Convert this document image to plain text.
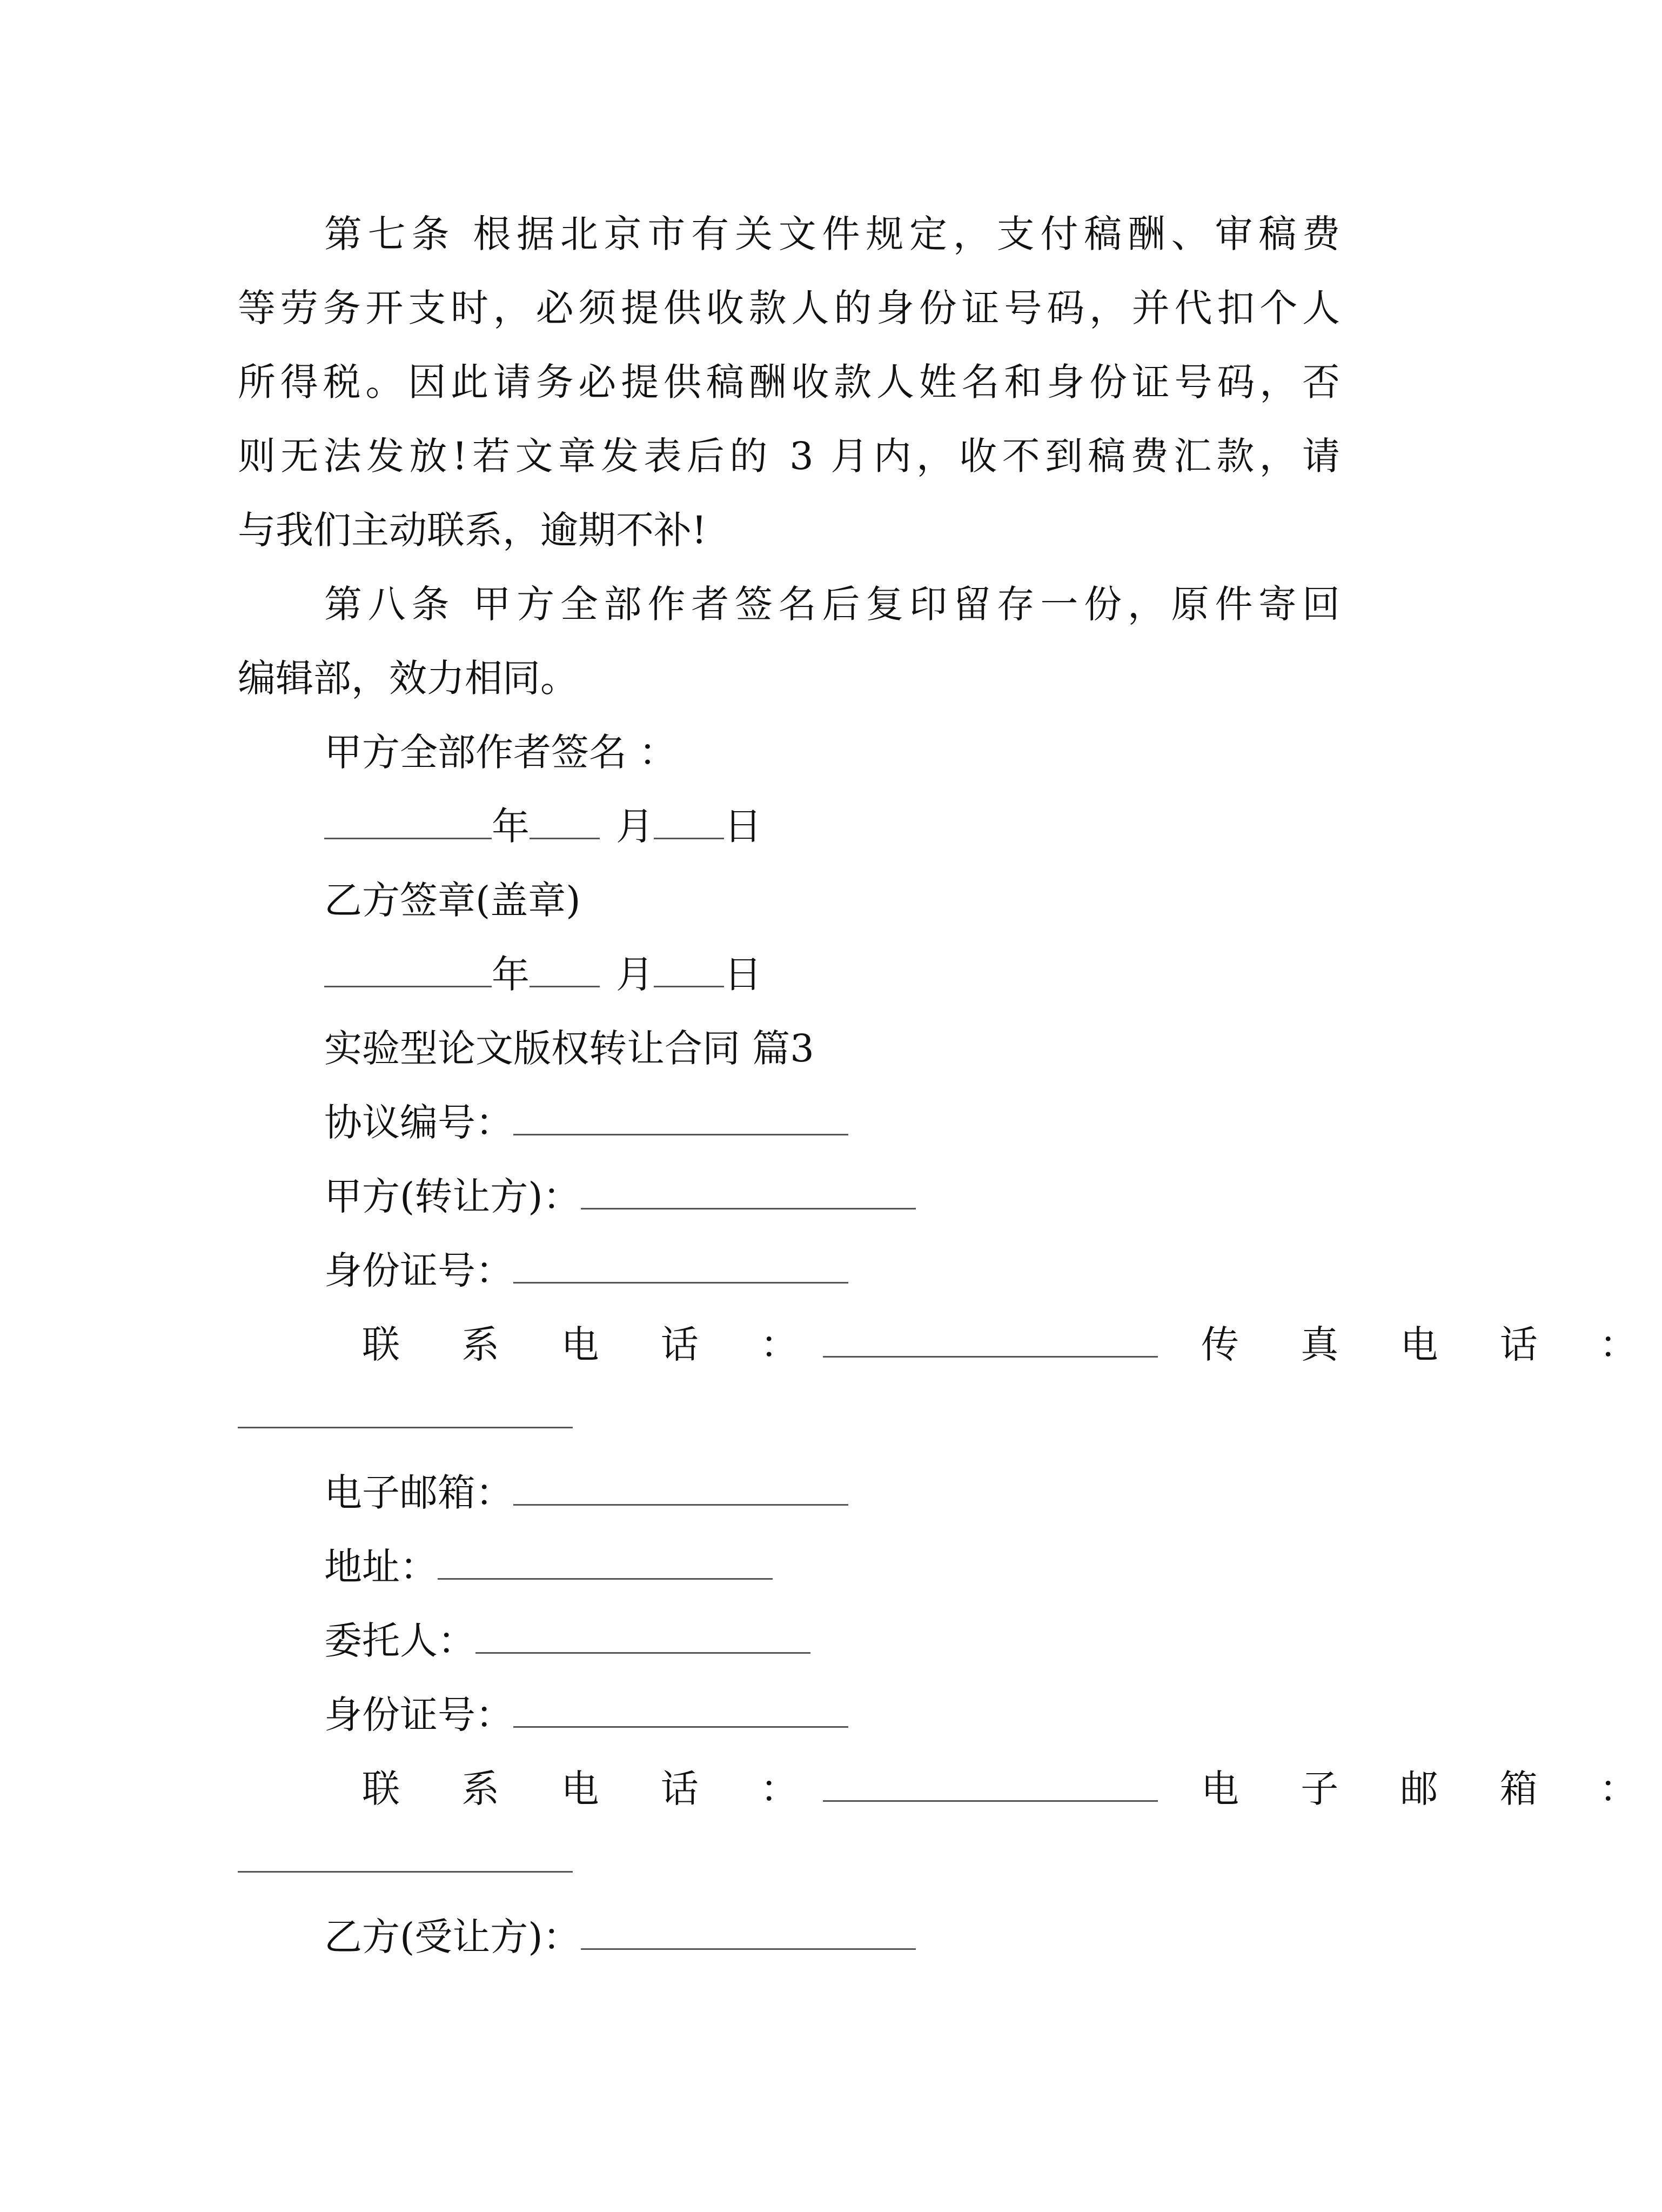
第七条 根据北京市有关文件规定，支付稿酬、审稿费
等劳务开支时，必须提供收款人的身份证号码，并代扣个人
所得税。因此请务必提供稿酬收款人姓名和身份证号码，否
则无法发放!若文章发表后的 3 月内，收不到稿费汇款，请
与我们主动联系，逾期不补!
第八条 甲方全部作者签名后复印留存一份，原件寄回
编辑部，效力相同。
甲方全部作者签名 ：
年 月 日
乙方签章(盖章)
年 月 日
实验型论文版权转让合同 篇3
协议编号：
甲方(转让方)：
身份证号：
联 系 电 话 ：	传 真 电 话 ：
电子邮箱：
地址：
委托人：
身份证号：
联 系 电 话 ：	电 子 邮 箱 ：
乙方(受让方)：
